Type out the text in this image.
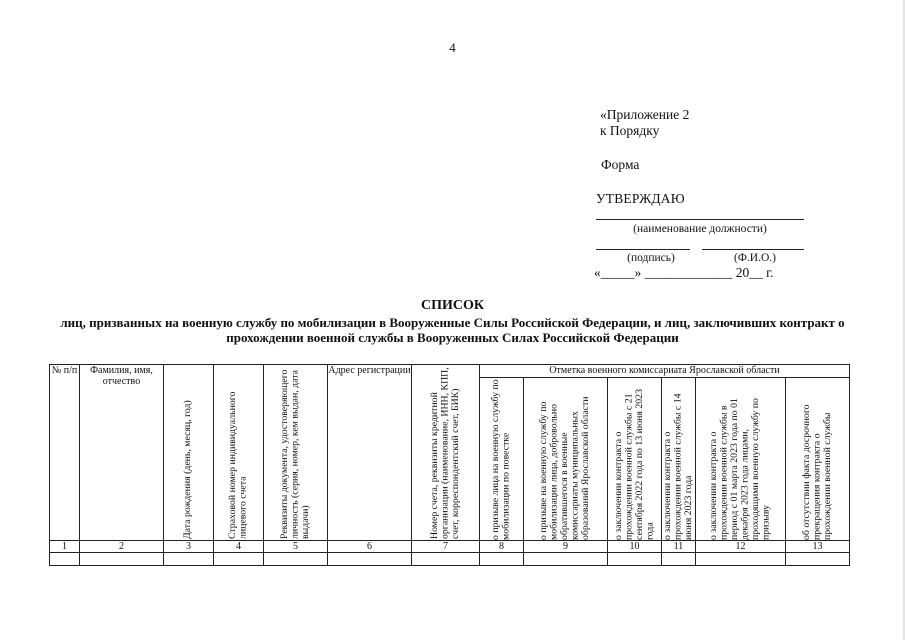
4
«Приложение 2
к Порядку
Форма
УТВЕРЖДАЮ
(наименование должности)
(подпись)	(Ф.И.О.)
«_____» _____________ 20__ г.
СПИСОК
лиц, призванных на военную службу по мобилизации в Вооруженные Силы Российской Федерации, и лиц, заключивших контракт о прохождении военной службы в Вооруженных Силах Российской Федерации
№ п/п	Фамилия, имя, отчество	Дата рождения (день, месяц, год)	Страховой номер индивидуального лицевого счета	Реквизиты документа, удостоверяющего личность (серия, номер, кем выдан, дата выдачи)	Адрес регистрации	Номер счета, реквизиты кредитной организации (наименование, ИНН, КПП, счет, корреспондентский счет, БИК)	Отметка военного комиссариата Ярославской области					

							о призыве лица на военную службу по мобилизации по повестке	о призыве на военную службу по мобилизации лица, добровольно обратившегося в военные комиссариаты муниципальных образований Ярославской области	о заключении контракта о прохождении военной службы с 21 сентября 2022 года по 13 июня 2023 года	о заключении контракта о прохождении военной службы с 14 июня 2023 года	о заключении контракта о прохождении военной службы в период с 01 марта 2023 года по 01 декабря 2023 года лицами, проходящими военную службу по призыву	об отсутствии факта досрочного прекращения контракта о прохождении военной службы

1	2	3	4	5	6	7	8	9	10	11	12	13
